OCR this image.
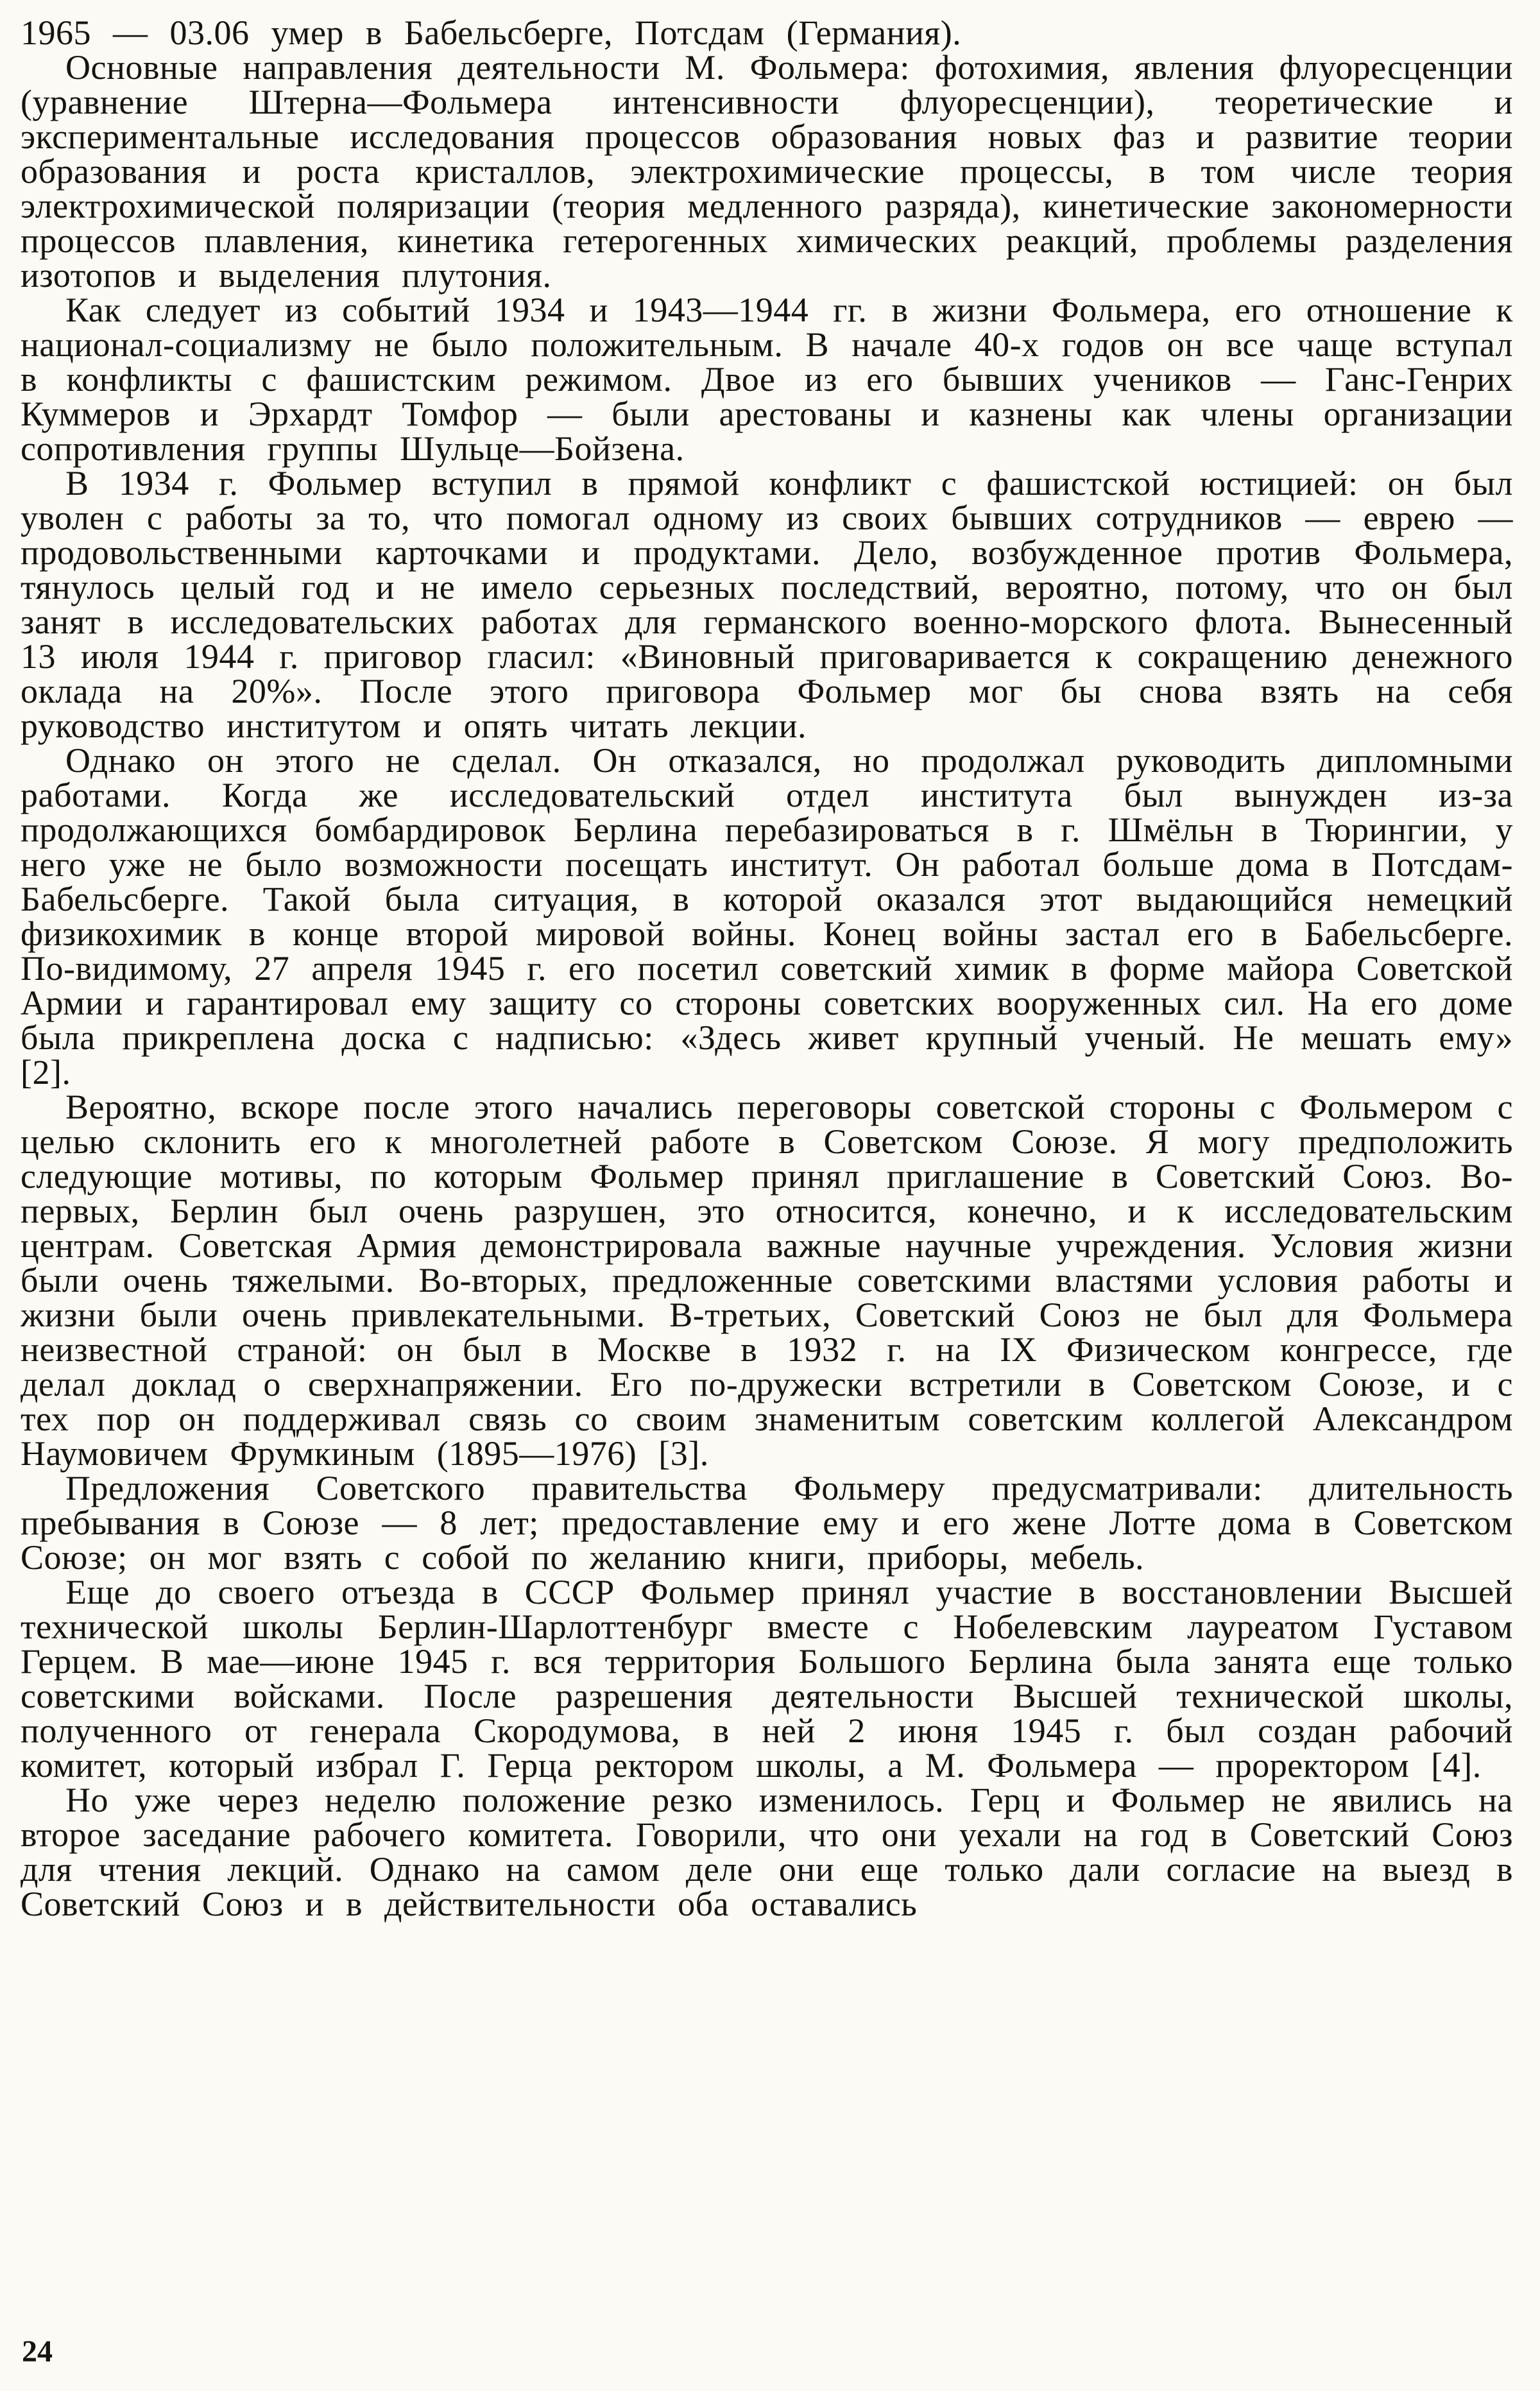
1965 — 03.06 умер в Бабельсберге, Потсдам (Германия).

Основные направления деятельности М. Фольмера: фотохимия, явления флуоресценции (уравнение Штерна—Фольмера интенсивности флуоресценции), теоретические и экспериментальные исследования процессов образования новых фаз и развитие теории образования и роста кристаллов, электрохимические процессы, в том числе теория электрохимической поляризации (теория медленного разряда), кинетические закономерности процессов плавления, кинетика гетерогенных химических реакций, проблемы разделения изотопов и выделения плутония.

Как следует из событий 1934 и 1943—1944 гг. в жизни Фольмера, его отношение к национал-социализму не было положительным. В начале 40-х годов он все чаще вступал в конфликты с фашистским режимом. Двое из его бывших учеников — Ганс-Генрих Куммеров и Эрхардт Томфор — были арестованы и казнены как члены организации сопротивления группы Шульце—Бойзена.

В 1934 г. Фольмер вступил в прямой конфликт с фашистской юстицией: он был уволен с работы за то, что помогал одному из своих бывших сотрудников — еврею — продовольственными карточками и продуктами. Дело, возбужденное против Фольмера, тянулось целый год и не имело серьезных последствий, вероятно, потому, что он был занят в исследовательских работах для германского военно-морского флота. Вынесенный 13 июля 1944 г. приговор гласил: «Виновный приговаривается к сокращению денежного оклада на 20%». После этого приговора Фольмер мог бы снова взять на себя руководство институтом и опять читать лекции.

Однако он этого не сделал. Он отказался, но продолжал руководить дипломными работами. Когда же исследовательский отдел института был вынужден из-за продолжающихся бомбардировок Берлина перебазироваться в г. Шмёльн в Тюрингии, у него уже не было возможности посещать институт. Он работал больше дома в Потсдам-Бабельсберге. Такой была ситуация, в которой оказался этот выдающийся немецкий физикохимик в конце второй мировой войны. Конец войны застал его в Бабельсберге. По-видимому, 27 апреля 1945 г. его посетил советский химик в форме майора Советской Армии и гарантировал ему защиту со стороны советских вооруженных сил. На его доме была прикреплена доска с надписью: «Здесь живет крупный ученый. Не мешать ему» [2].

Вероятно, вскоре после этого начались переговоры советской стороны с Фольмером с целью склонить его к многолетней работе в Советском Союзе. Я могу предположить следующие мотивы, по которым Фольмер принял приглашение в Советский Союз. Во-первых, Берлин был очень разрушен, это относится, конечно, и к исследовательским центрам. Советская Армия демонстрировала важные научные учреждения. Условия жизни были очень тяжелыми. Во-вторых, предложенные советскими властями условия работы и жизни были очень привлекательными. В-третьих, Советский Союз не был для Фольмера неизвестной страной: он был в Москве в 1932 г. на IX Физическом конгрессе, где делал доклад о сверхнапряжении. Его по-дружески встретили в Советском Союзе, и с тех пор он поддерживал связь со своим знаменитым советским коллегой Александром Наумовичем Фрумкиным (1895—1976) [3].

Предложения Советского правительства Фольмеру предусматривали: длительность пребывания в Союзе — 8 лет; предоставление ему и его жене Лотте дома в Советском Союзе; он мог взять с собой по желанию книги, приборы, мебель.

Еще до своего отъезда в СССР Фольмер принял участие в восстановлении Высшей технической школы Берлин-Шарлоттенбург вместе с Нобелевским лауреатом Густавом Герцем. В мае—июне 1945 г. вся территория Большого Берлина была занята еще только советскими войсками. После разрешения деятельности Высшей технической школы, полученного от генерала Скородумова, в ней 2 июня 1945 г. был создан рабочий комитет, который избрал Г. Герца ректором школы, а М. Фольмера — проректором [4].

Но уже через неделю положение резко изменилось. Герц и Фольмер не явились на второе заседание рабочего комитета. Говорили, что они уехали на год в Советский Союз для чтения лекций. Однако на самом деле они еще только дали согласие на выезд в Советский Союз и в действительности оба оставались

24
